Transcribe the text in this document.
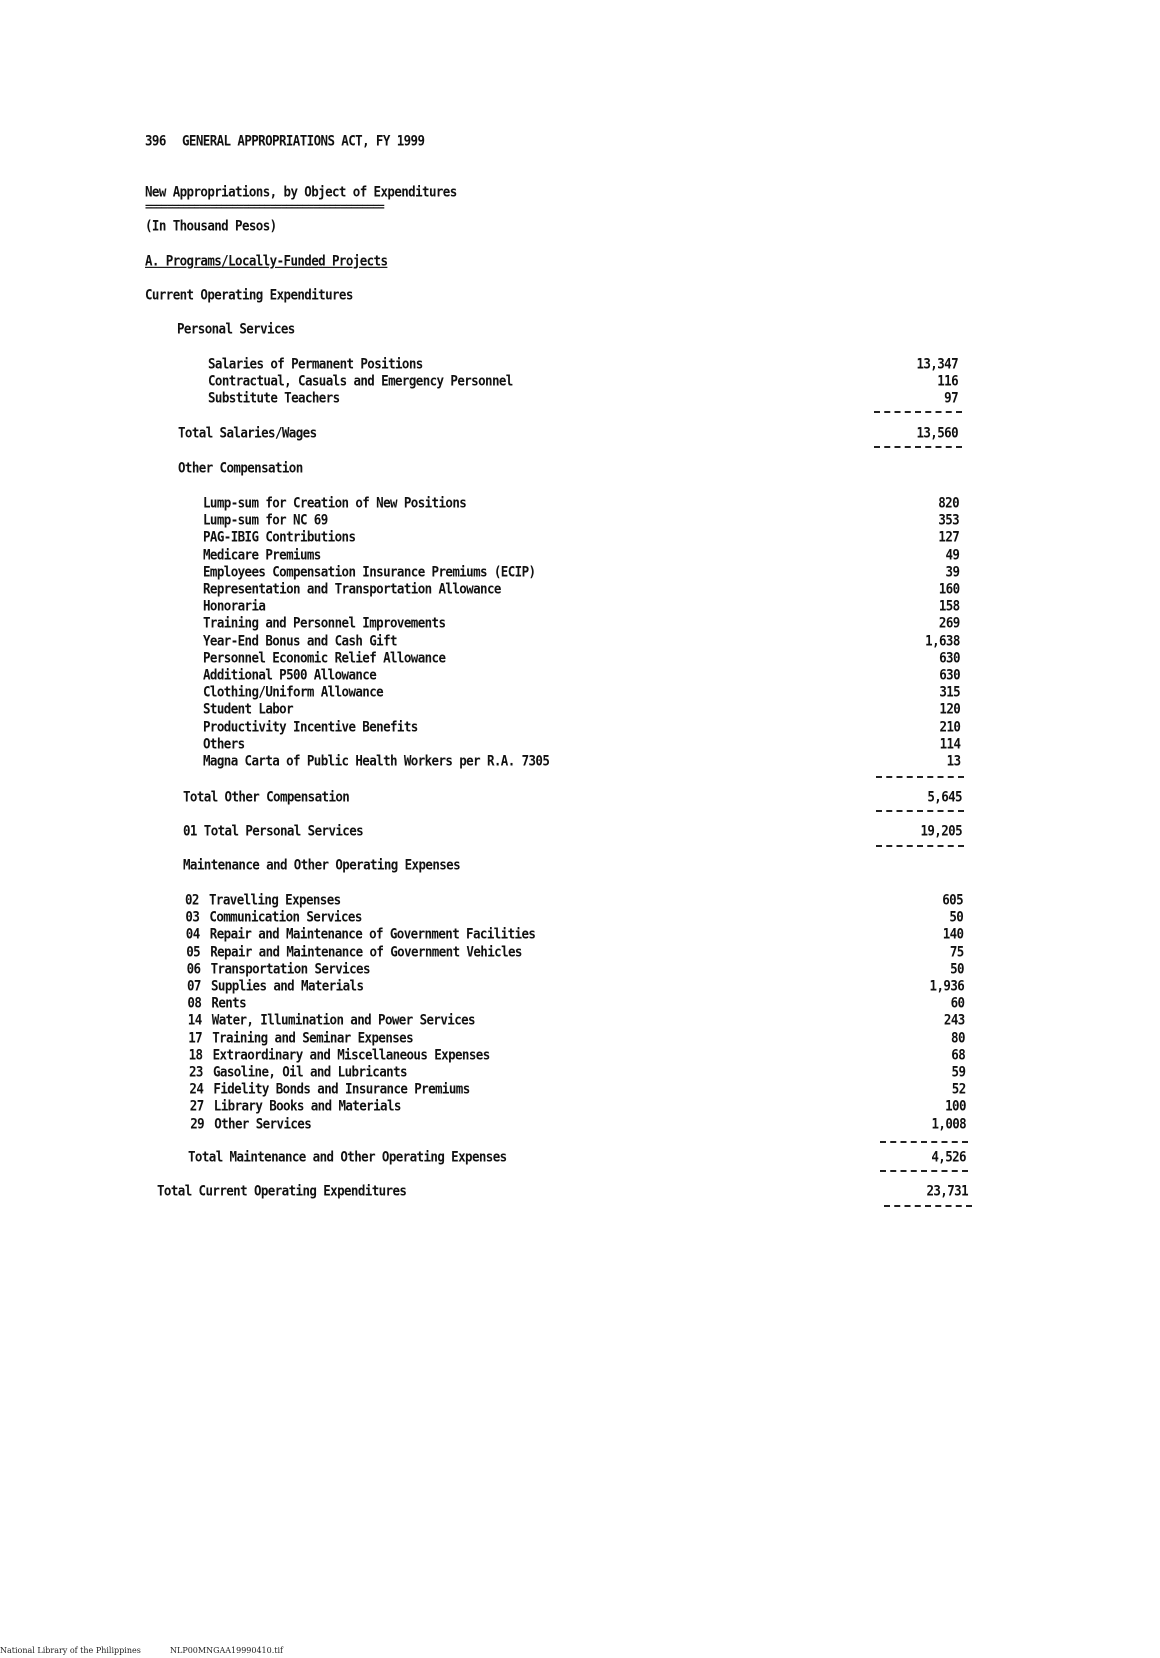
396 GENERAL APPROPRIATIONS ACT, FY 1999
New Appropriations, by Object of Expenditures
============================================
(In Thousand Pesos)
A. Programs/Locally-Funded Projects
Current Operating Expenditures
Personal Services
Salaries of Permanent Positions	13,347
Contractual, Casuals and Emergency Personnel	116
Substitute Teachers	97
Total Salaries/Wages	13,560
Other Compensation
Lump-sum for Creation of New Positions	820
Lump-sum for NC 69	353
PAG-IBIG Contributions	127
Medicare Premiums	49
Employees Compensation Insurance Premiums (ECIP)	39
Representation and Transportation Allowance	160
Honoraria	158
Training and Personnel Improvements	269
Year-End Bonus and Cash Gift	1,638
Personnel Economic Relief Allowance	630
Additional P500 Allowance	630
Clothing/Uniform Allowance	315
Student Labor	120
Productivity Incentive Benefits	210
Others	114
Magna Carta of Public Health Workers per R.A. 7305	13
Total Other Compensation	5,645
01 Total Personal Services	19,205
Maintenance and Other Operating Expenses
02 Travelling Expenses	605
03 Communication Services	50
04 Repair and Maintenance of Government Facilities	140
05 Repair and Maintenance of Government Vehicles	75
06 Transportation Services	50
07 Supplies and Materials	1,936
08 Rents	60
14 Water, Illumination and Power Services	243
17 Training and Seminar Expenses	80
18 Extraordinary and Miscellaneous Expenses	68
23 Gasoline, Oil and Lubricants	59
24 Fidelity Bonds and Insurance Premiums	52
27 Library Books and Materials	100
29 Other Services	1,008
Total Maintenance and Other Operating Expenses	4,526
Total Current Operating Expenditures	23,731
National Library of the Philippines	NLP00MNGAA19990410.tif
